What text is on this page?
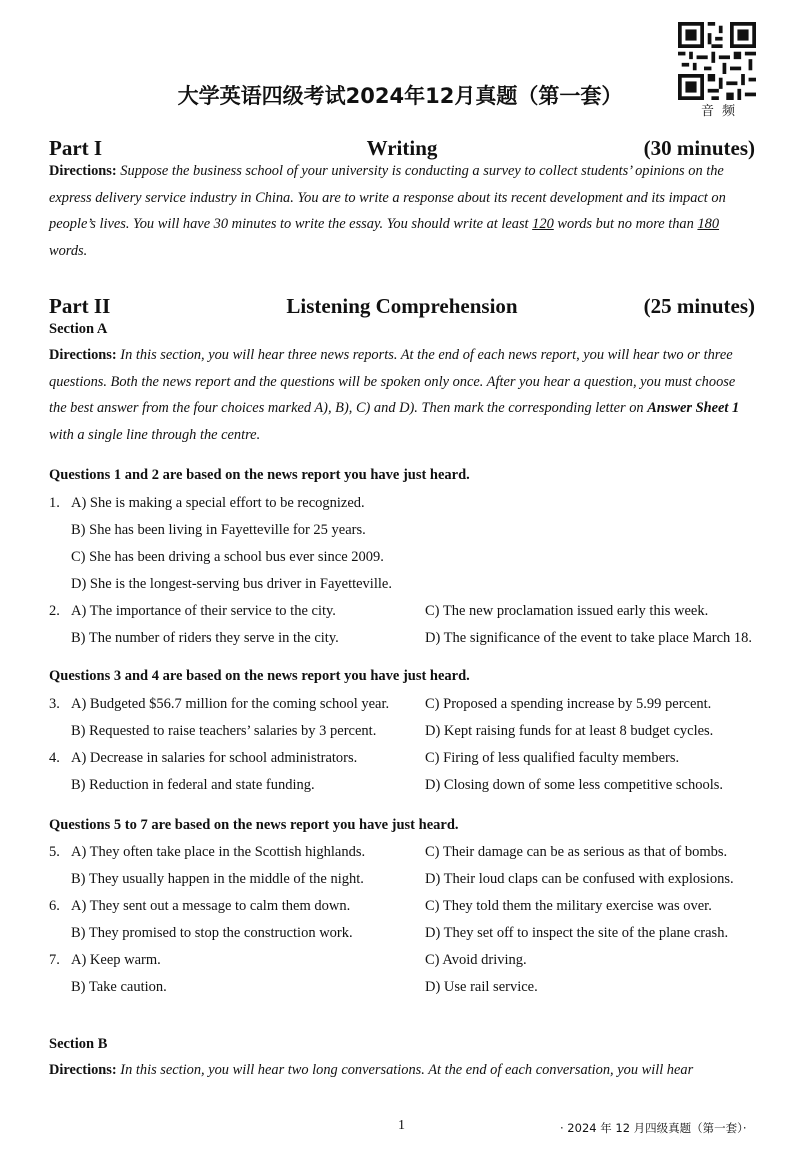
音频
大学英语四级考试2024年12月真题（第一套）
Writing
Part I	(30 minutes)
Directions: Suppose the business school of your university is conducting a survey to collect students’ opinions on the express delivery service industry in China. You are to write a response about its recent development and its impact on people’s lives. You will have 30 minutes to write the essay. You should write at least 120 words but no more than 180 words.
Listening Comprehension
Part II	(25 minutes)
Section A
Directions: In this section, you will hear three news reports. At the end of each news report, you will hear two or three questions. Both the news report and the questions will be spoken only once. After you hear a question, you must choose the best answer from the four choices marked A), B), C) and D). Then mark the corresponding letter on Answer Sheet 1 with a single line through the centre.
Questions 1 and 2 are based on the news report you have just heard.
1. A) She is making a special effort to be recognized.
B) She has been living in Fayetteville for 25 years.
C) She has been driving a school bus ever since 2009.
D) She is the longest-serving bus driver in Fayetteville.
2. A) The importance of their service to the city.	C) The new proclamation issued early this week.
B) The number of riders they serve in the city.	D) The significance of the event to take place March 18.
Questions 3 and 4 are based on the news report you have just heard.
3. A) Budgeted $56.7 million for the coming school year. C) Proposed a spending increase by 5.99 percent.
B) Requested to raise teachers’ salaries by 3 percent.	D) Kept raising funds for at least 8 budget cycles.
4. A) Decrease in salaries for school administrators.	C) Firing of less qualified faculty members.
B) Reduction in federal and state funding.	D) Closing down of some less competitive schools.
Questions 5 to 7 are based on the news report you have just heard.
5. A) They often take place in the Scottish highlands.	C) Their damage can be as serious as that of bombs.
B) They usually happen in the middle of the night.	D) Their loud claps can be confused with explosions.
6. A) They sent out a message to calm them down.	C) They told them the military exercise was over.
B) They promised to stop the construction work.	D) They set off to inspect the site of the plane crash.
7. A) Keep warm.	C) Avoid driving.
B) Take caution.	D) Use rail service.
Section B
Directions: In this section, you will hear two long conversations. At the end of each conversation, you will hear
1	· 2024 年 12 月四级真题（第一套）·
